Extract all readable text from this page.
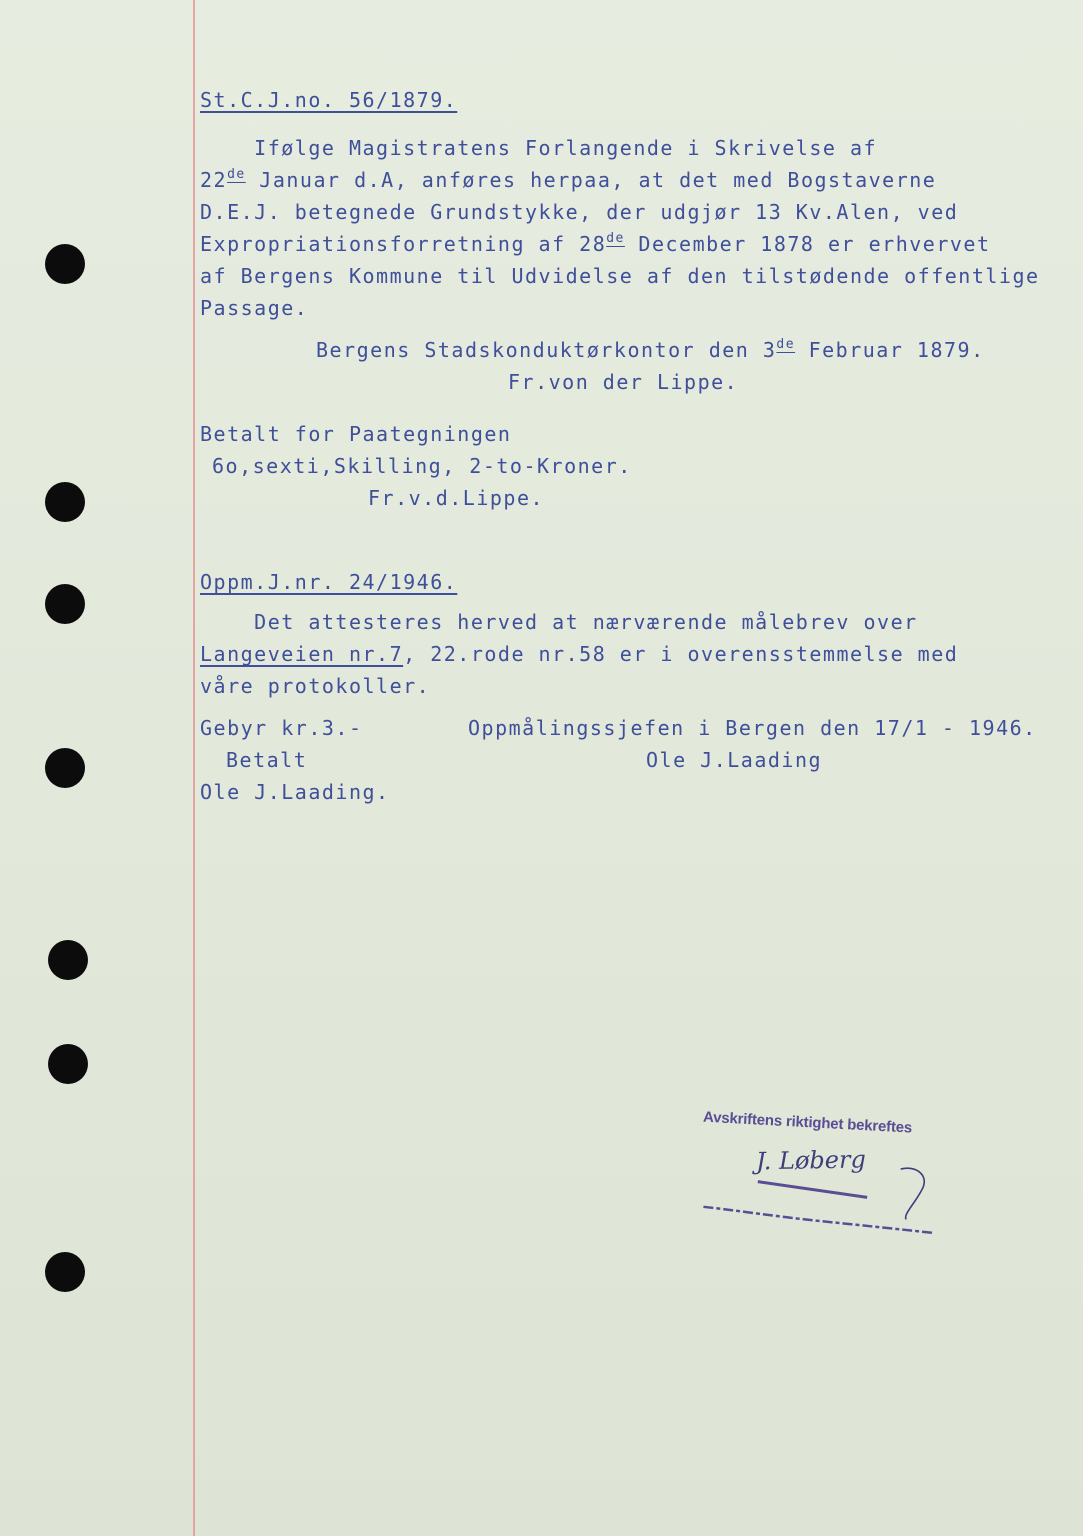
St.C.J.no. 56/1879.
Ifølge Magistratens Forlangende i Skrivelse af
22de Januar d.A, anføres herpaa, at det med Bogstaverne
D.E.J. betegnede Grundstykke, der udgjør 13 Kv.Alen, ved
Expropriationsforretning af 28de December 1878 er erhvervet
af Bergens Kommune til Udvidelse af den tilstødende offentlige
Passage.
Bergens Stadskonduktørkontor den 3de Februar 1879.
Fr.von der Lippe.
Betalt for Paategningen
6o,sexti,Skilling, 2-to-Kroner.
Fr.v.d.Lippe.
Oppm.J.nr. 24/1946.
Det attesteres herved at nærværende målebrev over
Langeveien nr.7, 22.rode nr.58 er i overensstemmelse med
våre protokoller.
Gebyr kr.3.-
Betalt
Ole J.Laading.
Oppmålingssjefen i Bergen den 17/1 - 1946.
Ole J.Laading
Avskriftens riktighet bekreftes
J. Løberg
